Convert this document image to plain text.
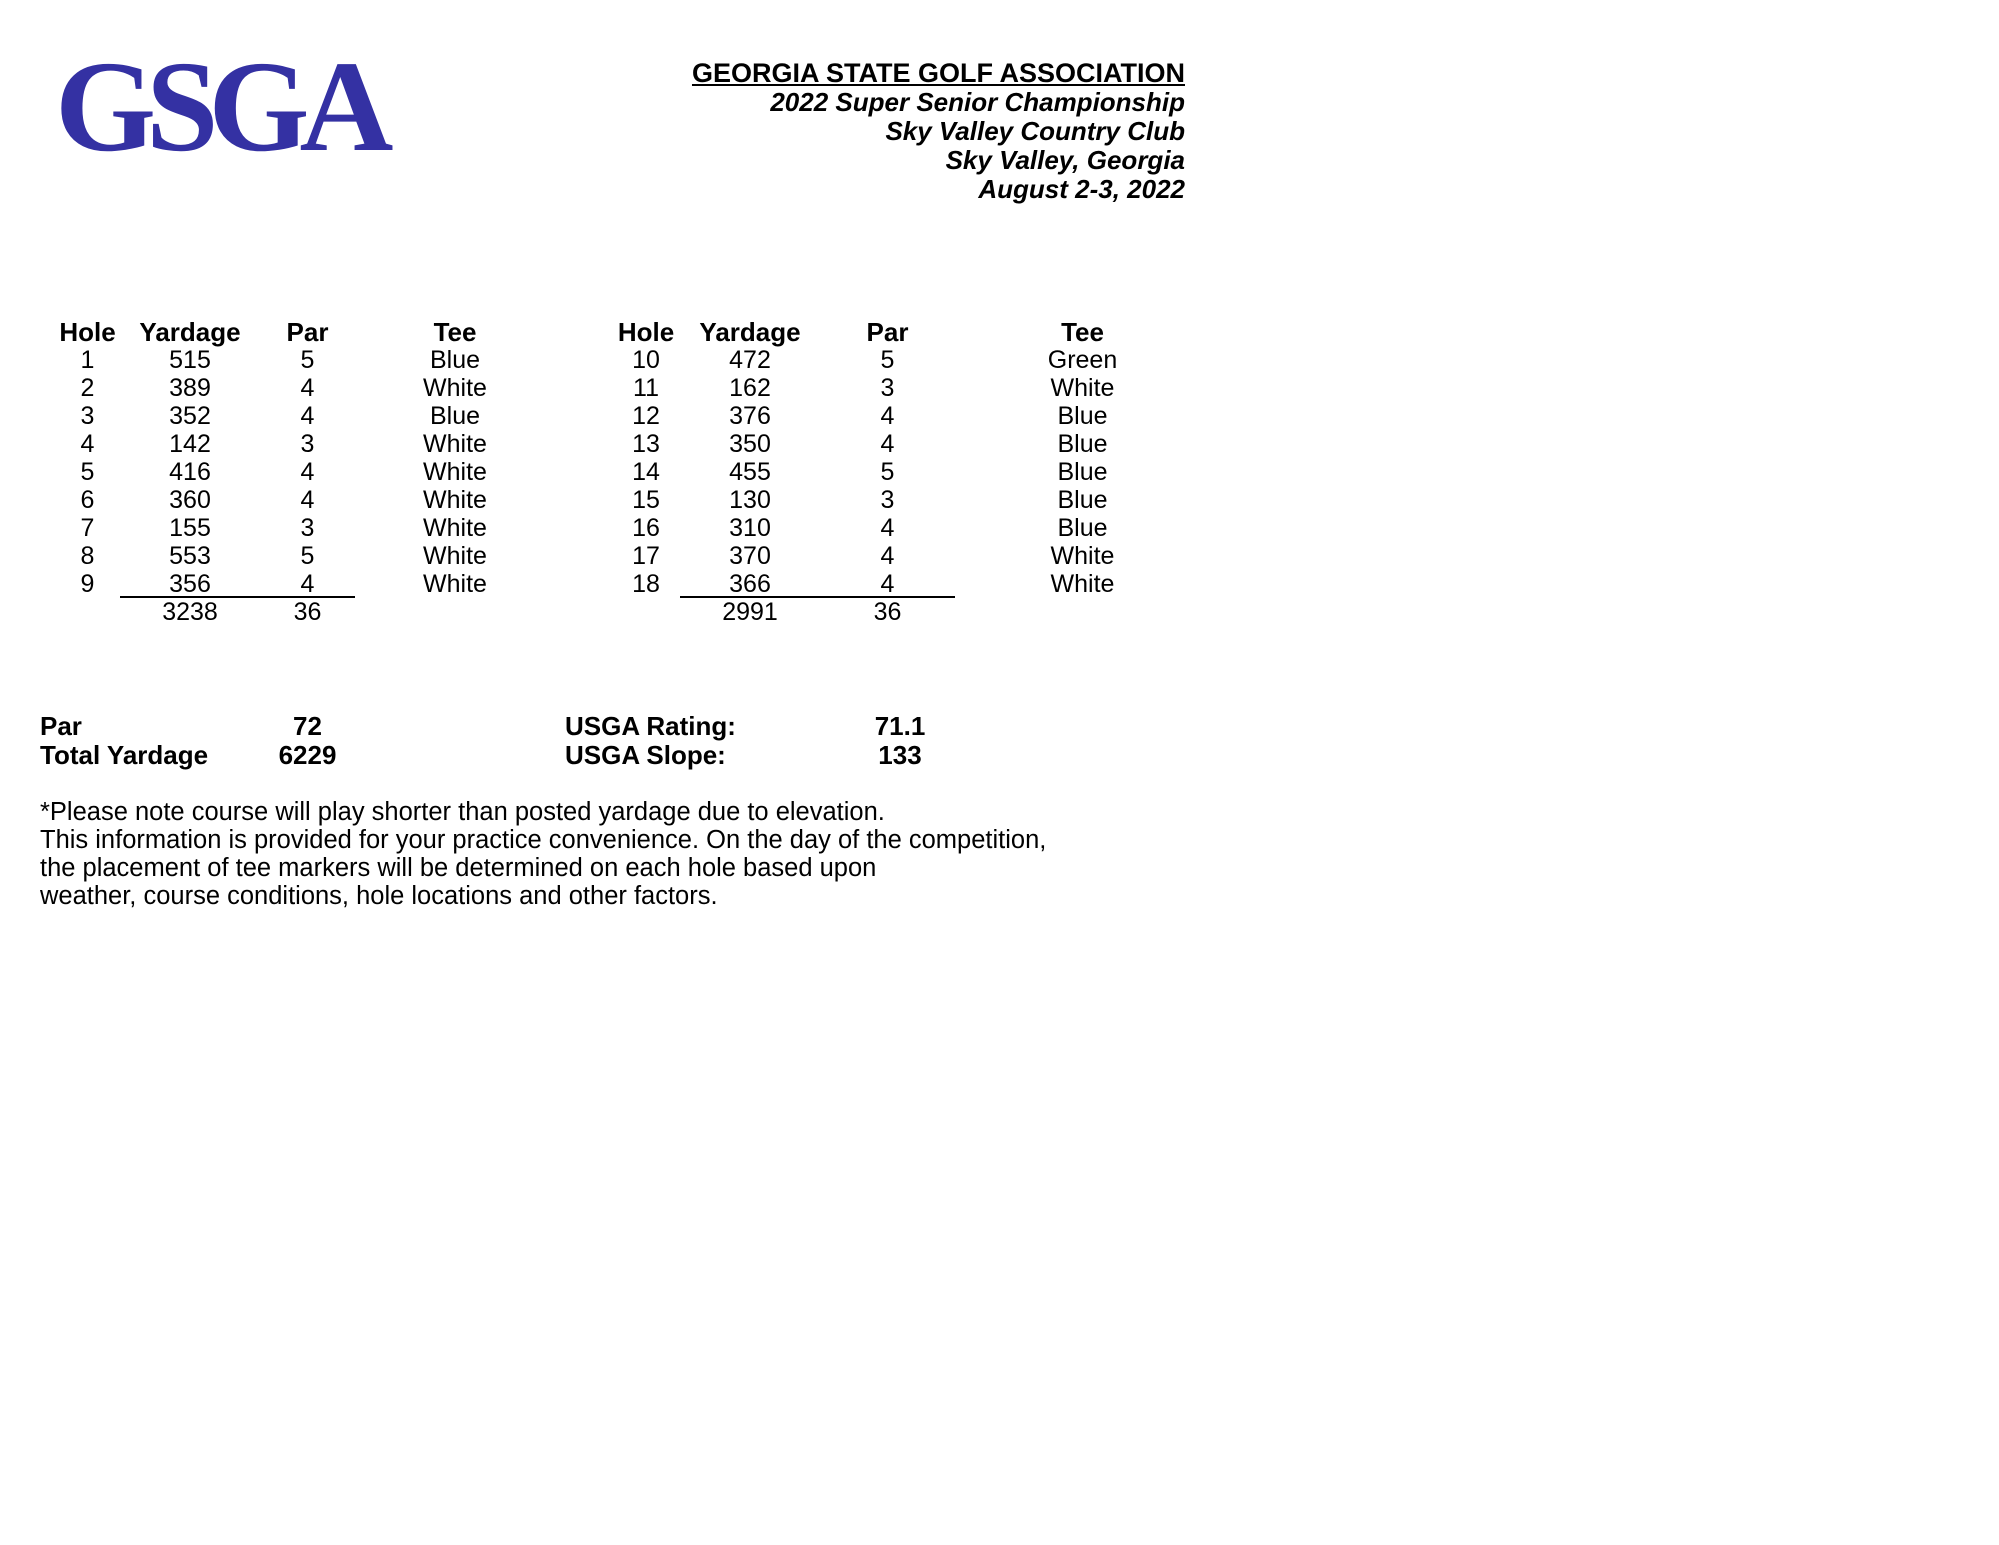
GSGA	GEORGIA STATE GOLF ASSOCIATION
2022 Super Senior Championship
Sky Valley Country Club
Sky Valley, Georgia
August 2-3, 2022
Hole Yardage	Par	Tee
1	515	5	Blue
2	389	4	White
3	352	4	Blue
4	142	3	White
5	416	4	White
6	360	4	White
7	155	3	White
8	553	5	White
9	356	4	White
3238	36
Hole Yardage	Par	Tee
10	472	5	Green
11	162	3	White
12	376	4	Blue
13	350	4	Blue
14	455	5	Blue
15	130	3	Blue
16	310	4	Blue
17	370	4	White
18	366	4	White
2991	36
Par	72	USGA Rating:	71.1
Total Yardage	6229	USGA Slope:	133
*Please note course will play shorter than posted yardage due to elevation.
This information is provided for your practice convenience. On the day of the competition,
the placement of tee markers will be determined on each hole based upon
weather, course conditions, hole locations and other factors.
